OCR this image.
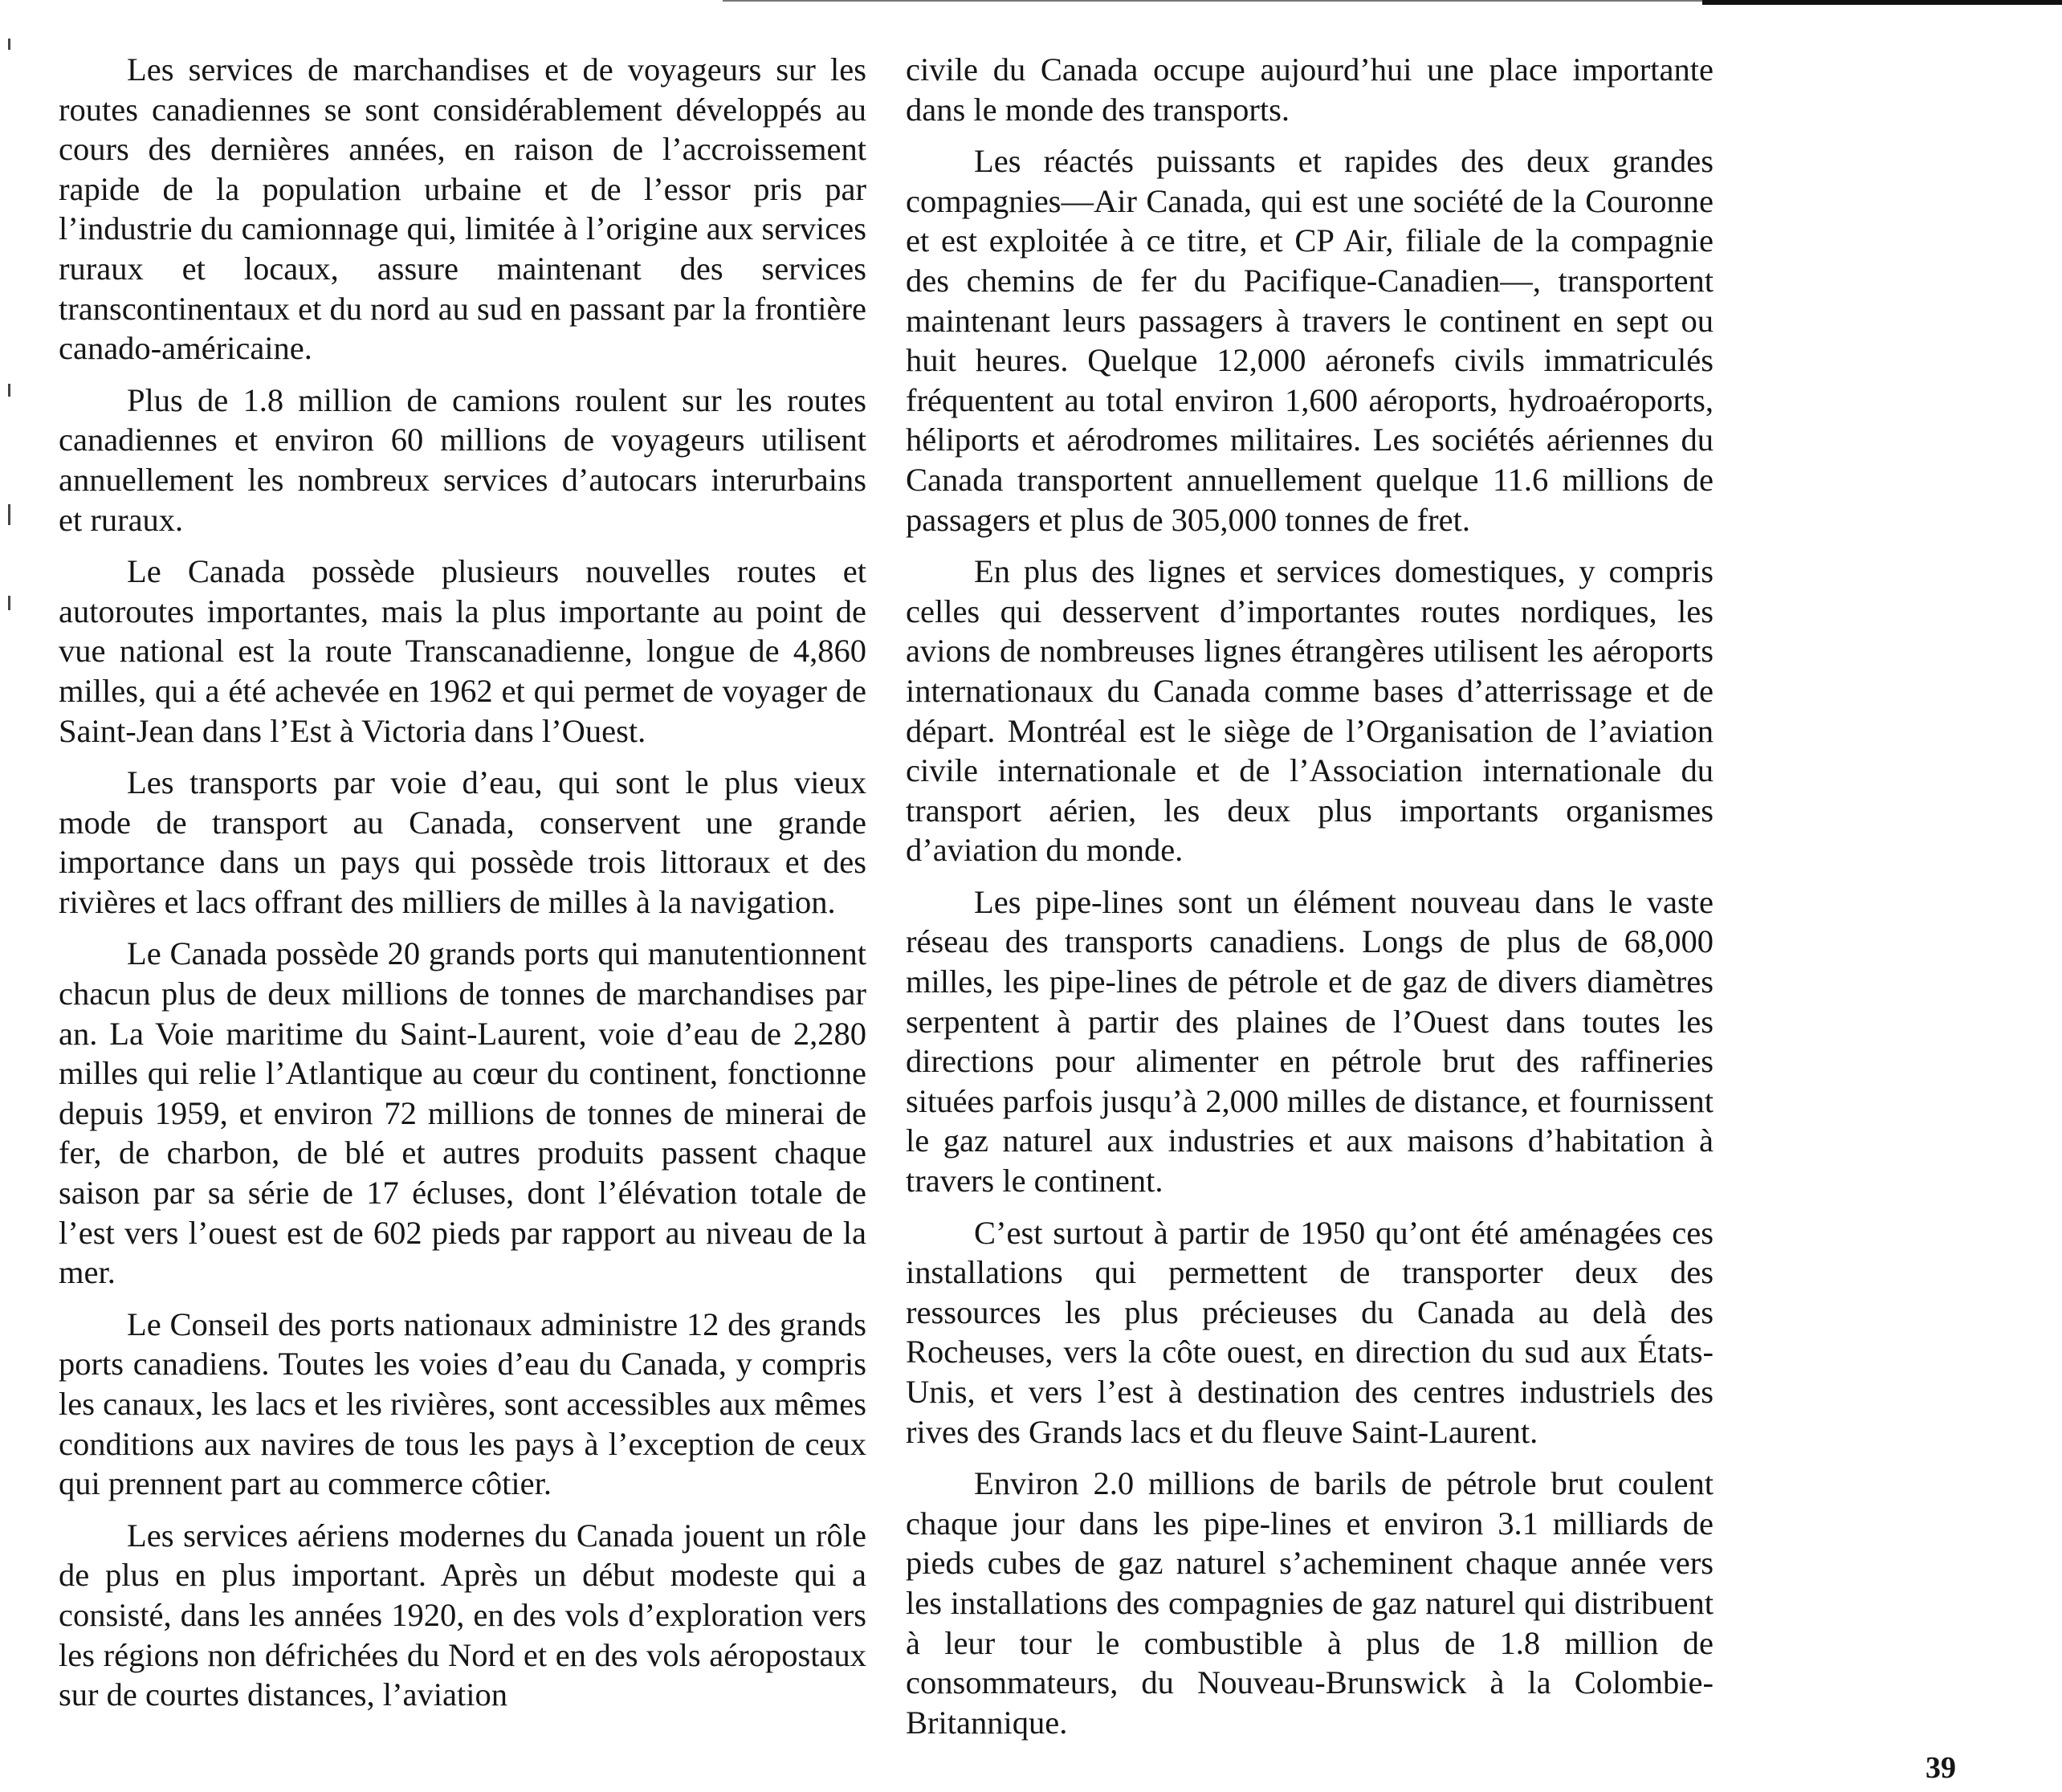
Les services de marchandises et de voyageurs sur les routes canadiennes se sont considérablement développés au cours des dernières années, en raison de l’accroissement rapide de la population urbaine et de l’essor pris par l’industrie du camionnage qui, limitée à l’origine aux services ruraux et locaux, assure maintenant des services transcontinentaux et du nord au sud en passant par la frontière canado-américaine.

Plus de 1.8 million de camions roulent sur les routes canadiennes et environ 60 millions de voyageurs utilisent annuellement les nombreux services d’autocars interurbains et ruraux.

Le Canada possède plusieurs nouvelles routes et autoroutes importantes, mais la plus importante au point de vue national est la route Transcanadienne, longue de 4,860 milles, qui a été achevée en 1962 et qui permet de voyager de Saint-Jean dans l’Est à Victoria dans l’Ouest.

Les transports par voie d’eau, qui sont le plus vieux mode de transport au Canada, conservent une grande importance dans un pays qui possède trois littoraux et des rivières et lacs offrant des milliers de milles à la navigation.

Le Canada possède 20 grands ports qui manutentionnent chacun plus de deux millions de tonnes de marchandises par an. La Voie maritime du Saint-Laurent, voie d’eau de 2,280 milles qui relie l’Atlantique au cœur du continent, fonctionne depuis 1959, et environ 72 millions de tonnes de minerai de fer, de charbon, de blé et autres produits passent chaque saison par sa série de 17 écluses, dont l’élévation totale de l’est vers l’ouest est de 602 pieds par rapport au niveau de la mer.

Le Conseil des ports nationaux administre 12 des grands ports canadiens. Toutes les voies d’eau du Canada, y compris les canaux, les lacs et les rivières, sont accessibles aux mêmes conditions aux navires de tous les pays à l’exception de ceux qui prennent part au commerce côtier.

Les services aériens modernes du Canada jouent un rôle de plus en plus important. Après un début modeste qui a consisté, dans les années 1920, en des vols d’exploration vers les régions non défrichées du Nord et en des vols aéropostaux sur de courtes distances, l’aviation

civile du Canada occupe aujourd’hui une place importante dans le monde des transports.

Les réactés puissants et rapides des deux grandes compagnies—Air Canada, qui est une société de la Couronne et est exploitée à ce titre, et CP Air, filiale de la compagnie des chemins de fer du Pacifique-Canadien—, transportent maintenant leurs passagers à travers le continent en sept ou huit heures. Quelque 12,000 aéronefs civils immatriculés fréquentent au total environ 1,600 aéroports, hydroaéroports, héliports et aérodromes militaires. Les sociétés aériennes du Canada transportent annuellement quelque 11.6 millions de passagers et plus de 305,000 tonnes de fret.

En plus des lignes et services domestiques, y compris celles qui desservent d’importantes routes nordiques, les avions de nombreuses lignes étrangères utilisent les aéroports internationaux du Canada comme bases d’atterrissage et de départ. Montréal est le siège de l’Organisation de l’aviation civile internationale et de l’Association internationale du transport aérien, les deux plus importants organismes d’aviation du monde.

Les pipe-lines sont un élément nouveau dans le vaste réseau des transports canadiens. Longs de plus de 68,000 milles, les pipe-lines de pétrole et de gaz de divers diamètres serpentent à partir des plaines de l’Ouest dans toutes les directions pour alimenter en pétrole brut des raffineries situées parfois jusqu’à 2,000 milles de distance, et fournissent le gaz naturel aux industries et aux maisons d’habitation à travers le continent.

C’est surtout à partir de 1950 qu’ont été aménagées ces installations qui permettent de transporter deux des ressources les plus précieuses du Canada au delà des Rocheuses, vers la côte ouest, en direction du sud aux États-Unis, et vers l’est à destination des centres industriels des rives des Grands lacs et du fleuve Saint-Laurent.

Environ 2.0 millions de barils de pétrole brut coulent chaque jour dans les pipe-lines et environ 3.1 milliards de pieds cubes de gaz naturel s’acheminent chaque année vers les installations des compagnies de gaz naturel qui distribuent à leur tour le combustible à plus de 1.8 million de consommateurs, du Nouveau-Brunswick à la Colombie-Britannique.

39
